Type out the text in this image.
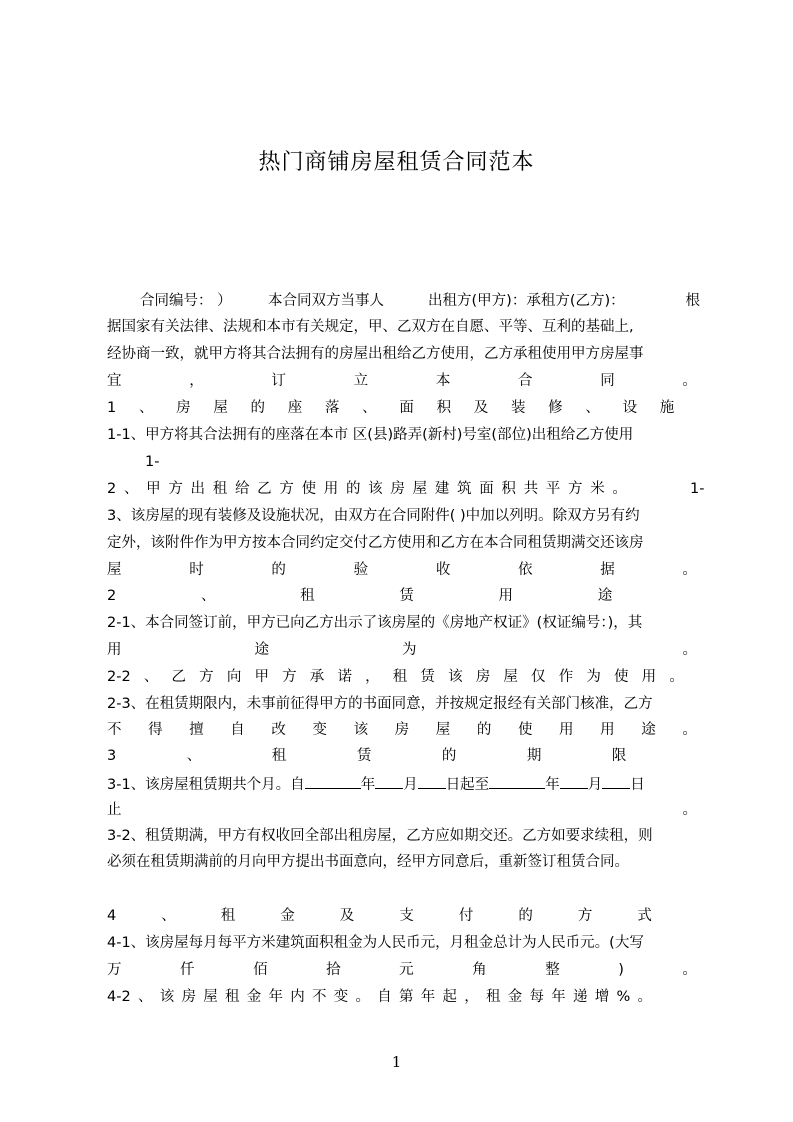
热门商铺房屋租赁合同范本
合同编号： ）	本合同双方当事人	出租方(甲方)：承租方(乙方)：	根
据国家有关法律、法规和本市有关规定，甲、乙双方在自愿、平等、互利的基础上,
经协商一致，就甲方将其合法拥有的房屋出租给乙方使用，乙方承租使用甲方房屋事
宜	，	订	立	本	合	同	。
1 、 房 屋 的 座 落 、 面 积 及 装 修 、 设 施
1-1、甲方将其合法拥有的座落在本市 区(县)路弄(新村)号室(部位)出租给乙方使用
1-
2 、 甲 方 出 租 给 乙 方 使 用 的 该 房 屋 建 筑 面 积 共 平 方 米 。	1-
3、该房屋的现有装修及设施状况，由双方在合同附件( )中加以列明。除双方另有约
定外，该附件作为甲方按本合同约定交付乙方使用和乙方在本合同租赁期满交还该房
屋	时	的	验	收	依	据	。
2	、	租	赁	用	途
2-1、本合同签订前，甲方已向乙方出示了该房屋的《房地产权证》(权证编号：)，其
用	途	为	。
2-2 、 乙 方 向 甲 方 承 诺 ， 租 赁 该 房 屋 仅 作 为 使 用 。
2-3、在租赁期限内，未事前征得甲方的书面同意，并按规定报经有关部门核准，乙方
不 得 擅 自 改 变 该 房 屋 的 使 用 用 途 。
3	、	租	赁	的	期	限
3-1、该房屋租赁期共个月。自	年 月 日起至	年 月 日
止	。
3-2、租赁期满，甲方有权收回全部出租房屋，乙方应如期交还。乙方如要求续租，则
必须在租赁期满前的月向甲方提出书面意向，经甲方同意后，重新签订租赁合同。
4	、	租	金	及	支	付	的	方	式
4-1、该房屋每月每平方米建筑面积租金为人民币元，月租金总计为人民币元。(大写
万	仟	佰	拾	元	角	整	)	。
4-2 、 该 房 屋 租 金 年 内 不 变 。 自 第 年 起 ， 租 金 每 年 递 增 % 。
1
